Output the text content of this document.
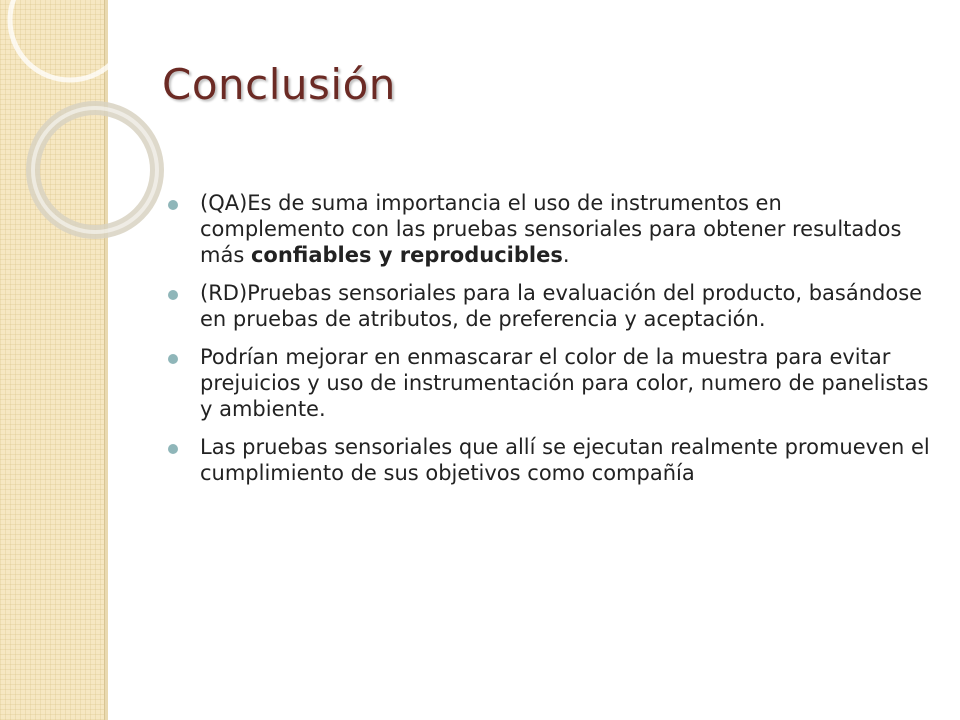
Conclusión
(QA)Es de suma importancia el uso de instrumentos en complemento con las pruebas sensoriales para obtener resultados más confiables y reproducibles.
(RD)Pruebas sensoriales para la evaluación del producto, basándose en pruebas de atributos, de preferencia y aceptación.
Podrían mejorar en enmascarar el color de la muestra para evitar prejuicios y uso de instrumentación para color, numero de panelistas y ambiente.
Las pruebas sensoriales que allí se ejecutan realmente promueven el cumplimiento de sus objetivos como compañía
